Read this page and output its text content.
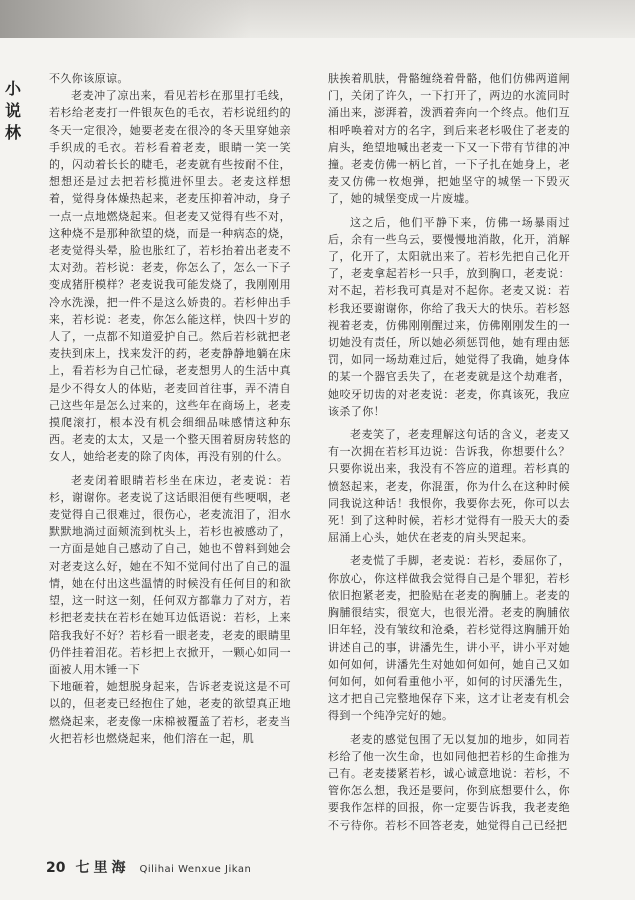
小说林

不久你该原谅。

老麦冲了凉出来，看见若杉在那里打毛线，若杉给老麦打一件银灰色的毛衣，若杉说纽约的冬天一定很冷，她要老麦在很冷的冬天里穿她亲手织成的毛衣。若杉看着老麦，眼睛一笑一笑的，闪动着长长的睫毛，老麦就有些按耐不住，想想还是过去把若杉揽进怀里去。老麦这样想着，觉得身体燥热起来，老麦压抑着冲动，身子一点一点地燃烧起来。但老麦又觉得有些不对，这种烧不是那种欲望的烧，而是一种病态的烧，老麦觉得头晕，脸也胀红了，若杉抬着出老麦不太对劲。若杉说：老麦，你怎么了，怎么一下子变成猪肝模样？老麦说我可能发烧了，我刚刚用冷水洗澡，把一件不是这么娇贵的。若杉伸出手来，若杉说：老麦，你怎么能这样，快四十岁的人了，一点都不知道爱护自己。然后若杉就把老麦扶到床上，找来发汗的药，老麦静静地躺在床上，看若杉为自己忙碌，老麦想男人的生活中真是少不得女人的体贴，老麦回首往事，弄不清自己这些年是怎么过来的，这些年在商场上，老麦摸爬滚打，根本没有机会细细品味感情这种东西。老麦的太太，又是一个整天围着厨房转悠的女人，她给老麦的除了肉体，再没有别的什么。

老麦闭着眼睛若杉坐在床边，老麦说：若杉，谢谢你。老麦说了这话眼泪便有些哽咽，老麦觉得自己很难过，很伤心，老麦流泪了，泪水默默地淌过面颊流到枕头上，若杉也被感动了，一方面是她自己感动了自己，她也不曾料到她会对老麦这么好，她在不知不觉间付出了自己的温情，她在付出这些温情的时候没有任何目的和欲望，这一时这一刻，任何双方都靠力了对方，若杉把老麦扶在若杉在她耳边低语说：若杉，上来陪我我好不好？若杉看一眼老麦，老麦的眼睛里仍伴挂着泪花。若杉把上衣掀开，一颗心如同一面被人用木锤一下

下地砸着，她想脱身起来，告诉老麦说这是不可以的，但老麦已经抱住了她，老麦的欲望真正地燃烧起来，老麦像一床棉被覆盖了若杉，老麦当火把若杉也燃烧起来，他们溶在一起，肌

肤挨着肌肤，骨骼缠绕着骨骼，他们仿佛两道闸门，关闭了许久，一下打开了，两边的水流同时涌出来，澎湃着，泼洒着奔向一个终点。他们互相呼唤着对方的名字，到后来老杉吸住了老麦的肩头，绝望地喊出老麦一下又一下带有节律的冲撞。老麦仿佛一柄匕首，一下子扎在她身上，老麦又仿佛一枚炮弹，把她坚守的城堡一下毁灭了，她的城堡变成一片废墟。

这之后，他们平静下来，仿佛一场暴雨过后，余有一些乌云，要慢慢地消散，化开，消解了，化开了，太阳就出来了。若杉先把自己化开了，老麦拿起若杉一只手，放到胸口，老麦说：对不起，若杉我可真是对不起你。老麦又说：若杉我还要谢谢你，你给了我天大的快乐。若杉怒视着老麦，仿佛刚刚醒过来，仿佛刚刚发生的一切她没有责任，所以她必须惩罚他，她有理由惩罚，如同一场劫难过后，她觉得了我确，她身体的某一个器官丢失了，在老麦就是这个劫难者，她咬牙切齿的对老麦说：老麦，你真该死，我应该杀了你！

老麦笑了，老麦理解这句话的含义，老麦又有一次拥在若杉耳边说：告诉我，你想要什么？只要你说出来，我没有不答应的道理。若杉真的愤怒起来，老麦，你混蛋，你为什么在这种时候同我说这种话！我恨你，我要你去死，你可以去死！到了这种时候，若杉才觉得有一股天大的委屈涌上心头，她伏在老麦的肩头哭起来。

老麦慌了手脚，老麦说：若杉，委屈你了，你放心，你这样做我会觉得自己是个罪犯，若杉依旧抱紧老麦，把脸贴在老麦的胸脯上。老麦的胸脯很结实，很宽大，也很光滑。老麦的胸脯依旧年轻，没有皱纹和沧桑，若杉觉得这胸脯开始讲述自己的事，讲潘先生，讲小平，讲小平对她如何如何，讲潘先生对她如何如何，她自己又如何如何，如何看重他小平，如何的讨厌潘先生，这才把自己完整地保存下来，这才让老麦有机会得到一个纯净完好的她。

老麦的感觉包围了无以复加的地步，如同若杉给了他一次生命，也如同他把若杉的生命推为己有。老麦搂紧若杉，诚心诚意地说：若杉，不管你怎么想，我还是要问，你到底想要什么，你要我作怎样的回报，你一定要告诉我，我老麦绝不亏待你。若杉不回答老麦，她觉得自己已经把

20 七里海 Qilihai Wenxue Jikan
